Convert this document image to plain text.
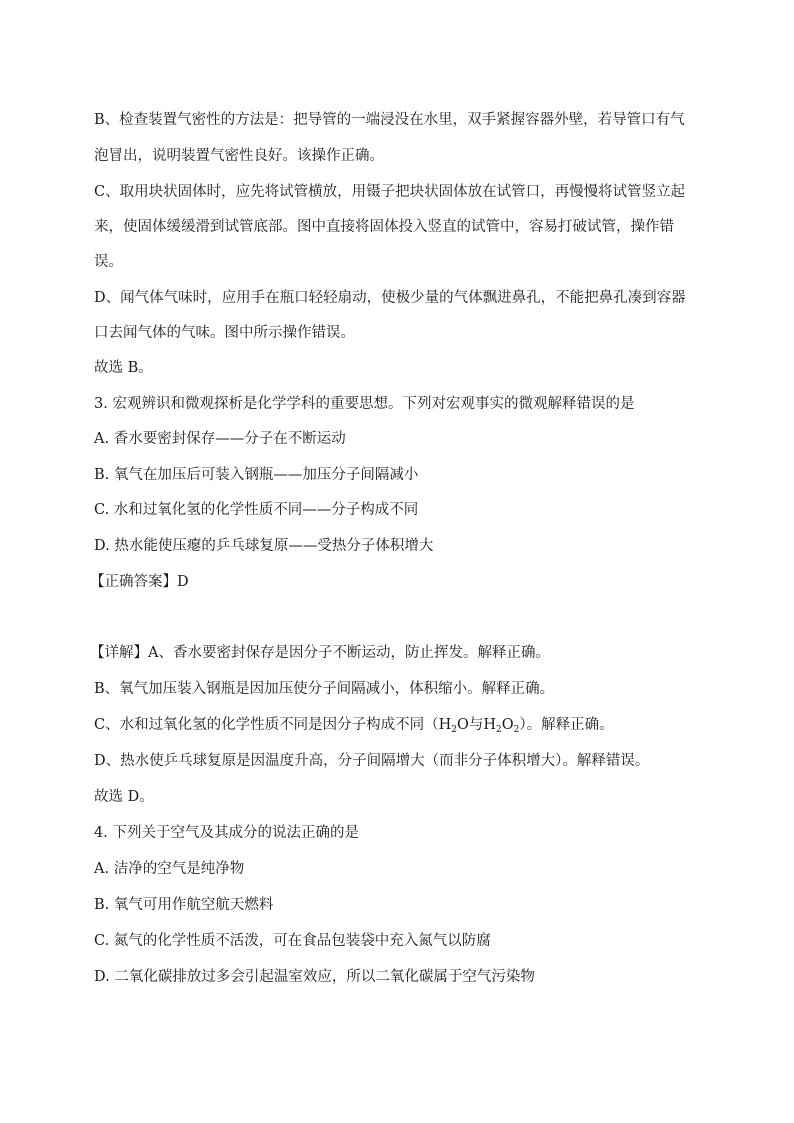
B、检查装置气密性的方法是：把导管的一端浸没在水里，双手紧握容器外壁，若导管口有气
泡冒出，说明装置气密性良好。该操作正确。
C、取用块状固体时，应先将试管横放，用镊子把块状固体放在试管口，再慢慢将试管竖立起
来，使固体缓缓滑到试管底部。图中直接将固体投入竖直的试管中，容易打破试管，操作错
误。
D、闻气体气味时，应用手在瓶口轻轻扇动，使极少量的气体飘进鼻孔，不能把鼻孔凑到容器
口去闻气体的气味。图中所示操作错误。
故选 B。
3. 宏观辨识和微观探析是化学学科的重要思想。下列对宏观事实的微观解释错误的是
A. 香水要密封保存——分子在不断运动
B. 氧气在加压后可装入钢瓶——加压分子间隔减小
C. 水和过氧化氢的化学性质不同——分子构成不同
D. 热水能使压瘪的乒乓球复原——受热分子体积增大
【正确答案】D
【详解】A、香水要密封保存是因分子不断运动，防止挥发。解释正确。
B、氧气加压装入钢瓶是因加压使分子间隔减小，体积缩小。解释正确。
C、水和过氧化氢的化学性质不同是因分子构成不同（$H_2O$与$H_2O_2$）。解释正确。
D、热水使乒乓球复原是因温度升高，分子间隔增大（而非分子体积增大）。解释错误。
故选 D。
4. 下列关于空气及其成分的说法正确的是
A. 洁净的空气是纯净物
B. 氧气可用作航空航天燃料
C. 氮气的化学性质不活泼，可在食品包装袋中充入氮气以防腐
D. 二氧化碳排放过多会引起温室效应，所以二氧化碳属于空气污染物
